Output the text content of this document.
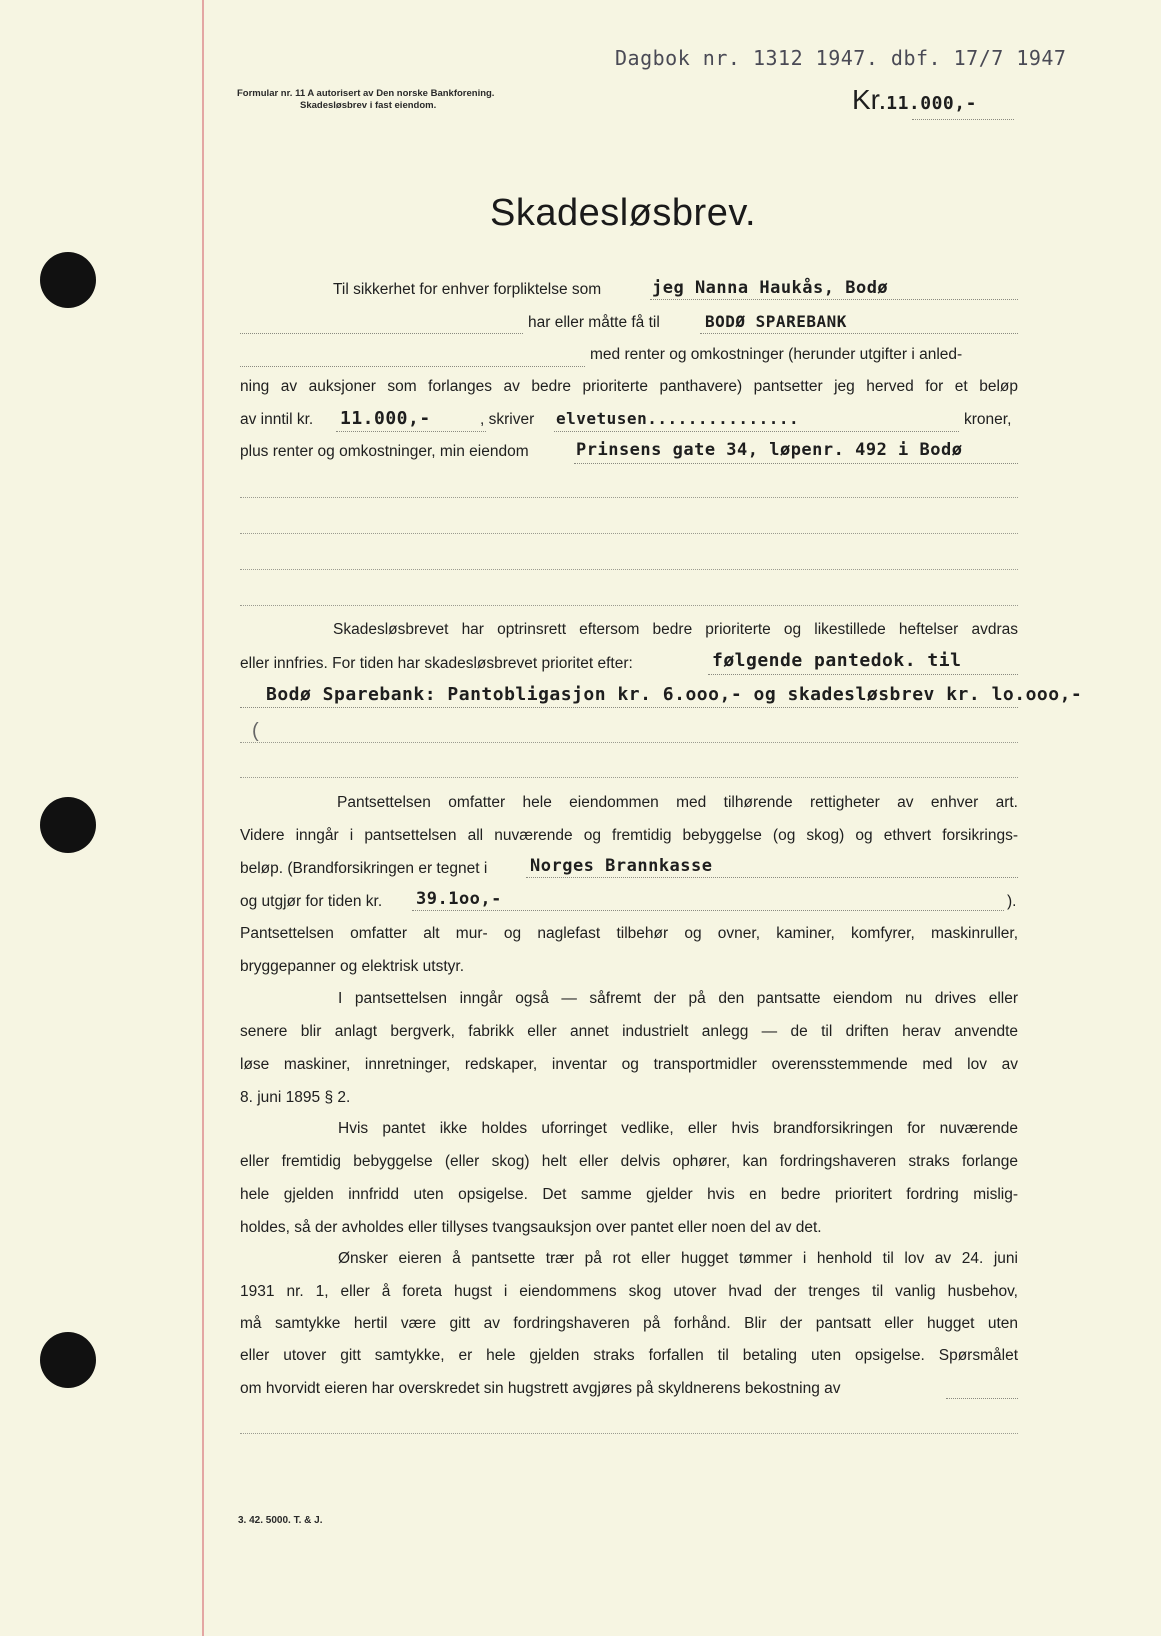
Dagbok nr. 1312 1947. dbf. 17/7 1947
Formular nr. 11 A autorisert av Den norske Bankforening.
Skadesløsbrev i fast eiendom.	Kr.11.000,-
Skadesløsbrev.
Til sikkerhet for enhver forpliktelse som	jeg Nanna Haukås, Bodø
har eller måtte få til	BODØ SPAREBANK
med renter og omkostninger (herunder utgifter i anled-
ning av auksjoner som forlanges av bedre prioriterte panthavere) pantsetter jeg herved for et beløp
av inntil kr. 11.000,-	, skriver elvetusen...............	kroner,
plus renter og omkostninger, min eiendom	Prinsens gate 34, løpenr. 492 i Bodø
Skadesløsbrevet har optrinsrett eftersom bedre prioriterte og likestillede heftelser avdras
eller innfries. For tiden har skadesløsbrevet prioritet efter:	følgende pantedok. til
Bodø Sparebank: Pantobligasjon kr. 6.ooo,- og skadesløsbrev kr. lo.ooo,-
(
Pantsettelsen omfatter hele eiendommen med tilhørende rettigheter av enhver art.
Videre inngår i pantsettelsen all nuværende og fremtidig bebyggelse (og skog) og ethvert forsikrings-
beløp. (Brandforsikringen er tegnet i	Norges Brannkasse
og utgjør for tiden kr. 39.1oo,-	).
Pantsettelsen omfatter alt mur- og naglefast tilbehør og ovner, kaminer, komfyrer, maskinruller,
bryggepanner og elektrisk utstyr.
I pantsettelsen inngår også — såfremt der på den pantsatte eiendom nu drives eller
senere blir anlagt bergverk, fabrikk eller annet industrielt anlegg — de til driften herav anvendte
løse maskiner, innretninger, redskaper, inventar og transportmidler overensstemmende med lov av
8. juni 1895 § 2.
Hvis pantet ikke holdes uforringet vedlike, eller hvis brandforsikringen for nuværende
eller fremtidig bebyggelse (eller skog) helt eller delvis ophører, kan fordringshaveren straks forlange
hele gjelden innfridd uten opsigelse. Det samme gjelder hvis en bedre prioritert fordring mislig-
holdes, så der avholdes eller tillyses tvangsauksjon over pantet eller noen del av det.
Ønsker eieren å pantsette trær på rot eller hugget tømmer i henhold til lov av 24. juni
1931 nr. 1, eller å foreta hugst i eiendommens skog utover hvad der trenges til vanlig husbehov,
må samtykke hertil være gitt av fordringshaveren på forhånd. Blir der pantsatt eller hugget uten
eller utover gitt samtykke, er hele gjelden straks forfallen til betaling uten opsigelse. Spørsmålet
om hvorvidt eieren har overskredet sin hugstrett avgjøres på skyldnerens bekostning av
3. 42. 5000. T. & J.
